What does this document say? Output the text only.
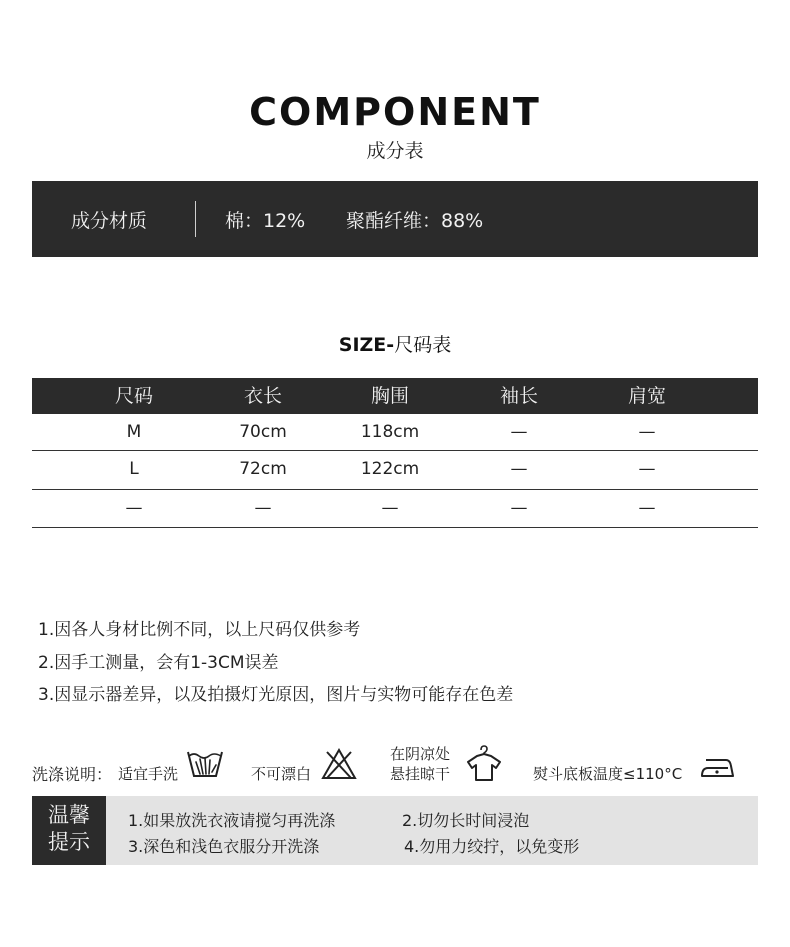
COMPONENT
成分表
成分材质	棉：12% 聚酯纤维：88%
SIZE-尺码表
尺码	衣长	胸围	袖长	肩宽
M	70cm	118cm	—	—
L	72cm	122cm	—	—
—	—	—	—	—
1.因各人身材比例不同，以上尺码仅供参考
2.因手工测量，会有1-3CM误差
3.因显示器差异，以及拍摄灯光原因，图片与实物可能存在色差
洗涤说明： 适宜手洗	不可漂白
在阴凉处
悬挂晾干	熨斗底板温度≤110°C
温馨
提示
1.如果放洗衣液请搅匀再洗涤	2.切勿长时间浸泡
3.深色和浅色衣服分开洗涤	4.勿用力绞拧，以免变形
